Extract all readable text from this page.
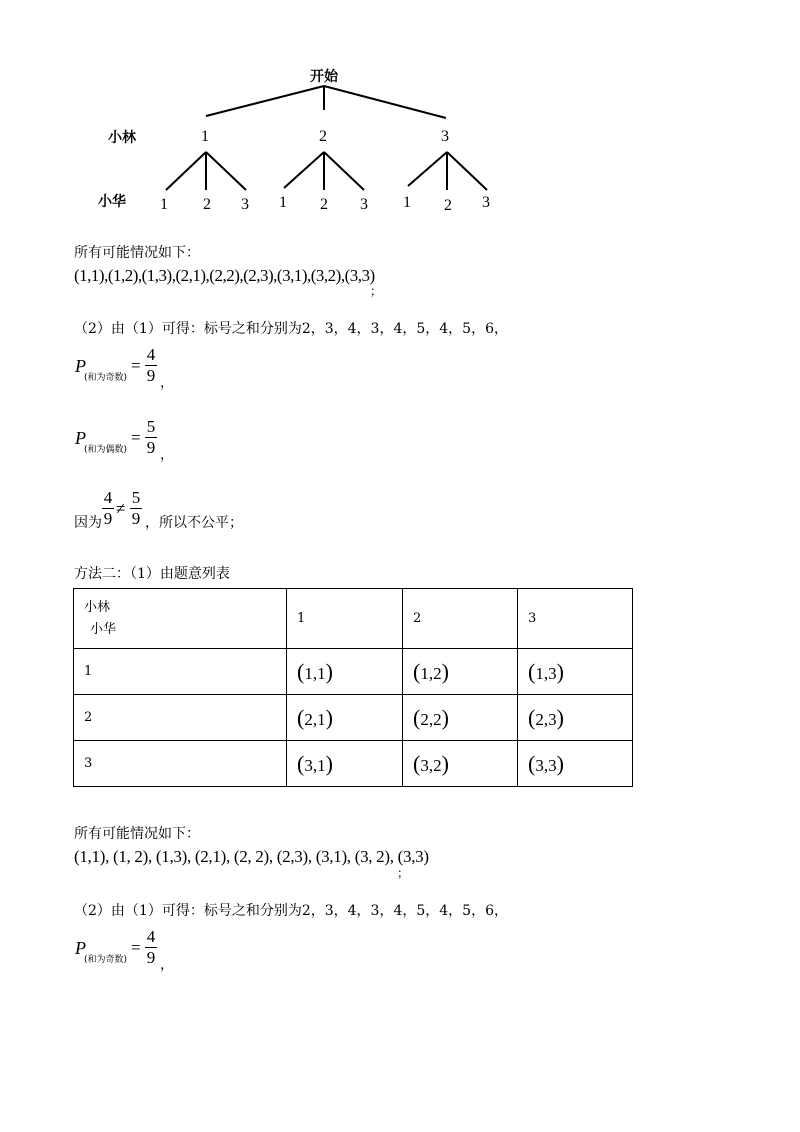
开始
小林
小华
1	2	3
1 2 3 1 2 3 1 2 3
所有可能情况如下：
(1,1),(1,2),(1,3),(2,1),(2,2),(2,3),(3,1),(3,2),(3,3)
；
（2）由（1）可得：标号之和分别为2，3，4，3，4，5，4，5，6，
P
(和为奇数)
=
4
9 ，
P
(和为偶数)
=
5
9 ，
因为
4
9
≠
5
9 ，所以不公平；
方法二：（1）由题意列表
小林
小华	1	2	3
1	(1,1)	(1,2)	(1,3)
2	(2,1)	(2,2)	(2,3)
3	(3,1)	(3,2)	(3,3)
所有可能情况如下：
(1,1), (1, 2), (1,3), (2,1), (2, 2), (2,3), (3,1), (3, 2), (3,3)
；
（2）由（1）可得：标号之和分别为2，3，4，3，4，5，4，5，6，
P
(和为奇数)
=
4
9 ，
